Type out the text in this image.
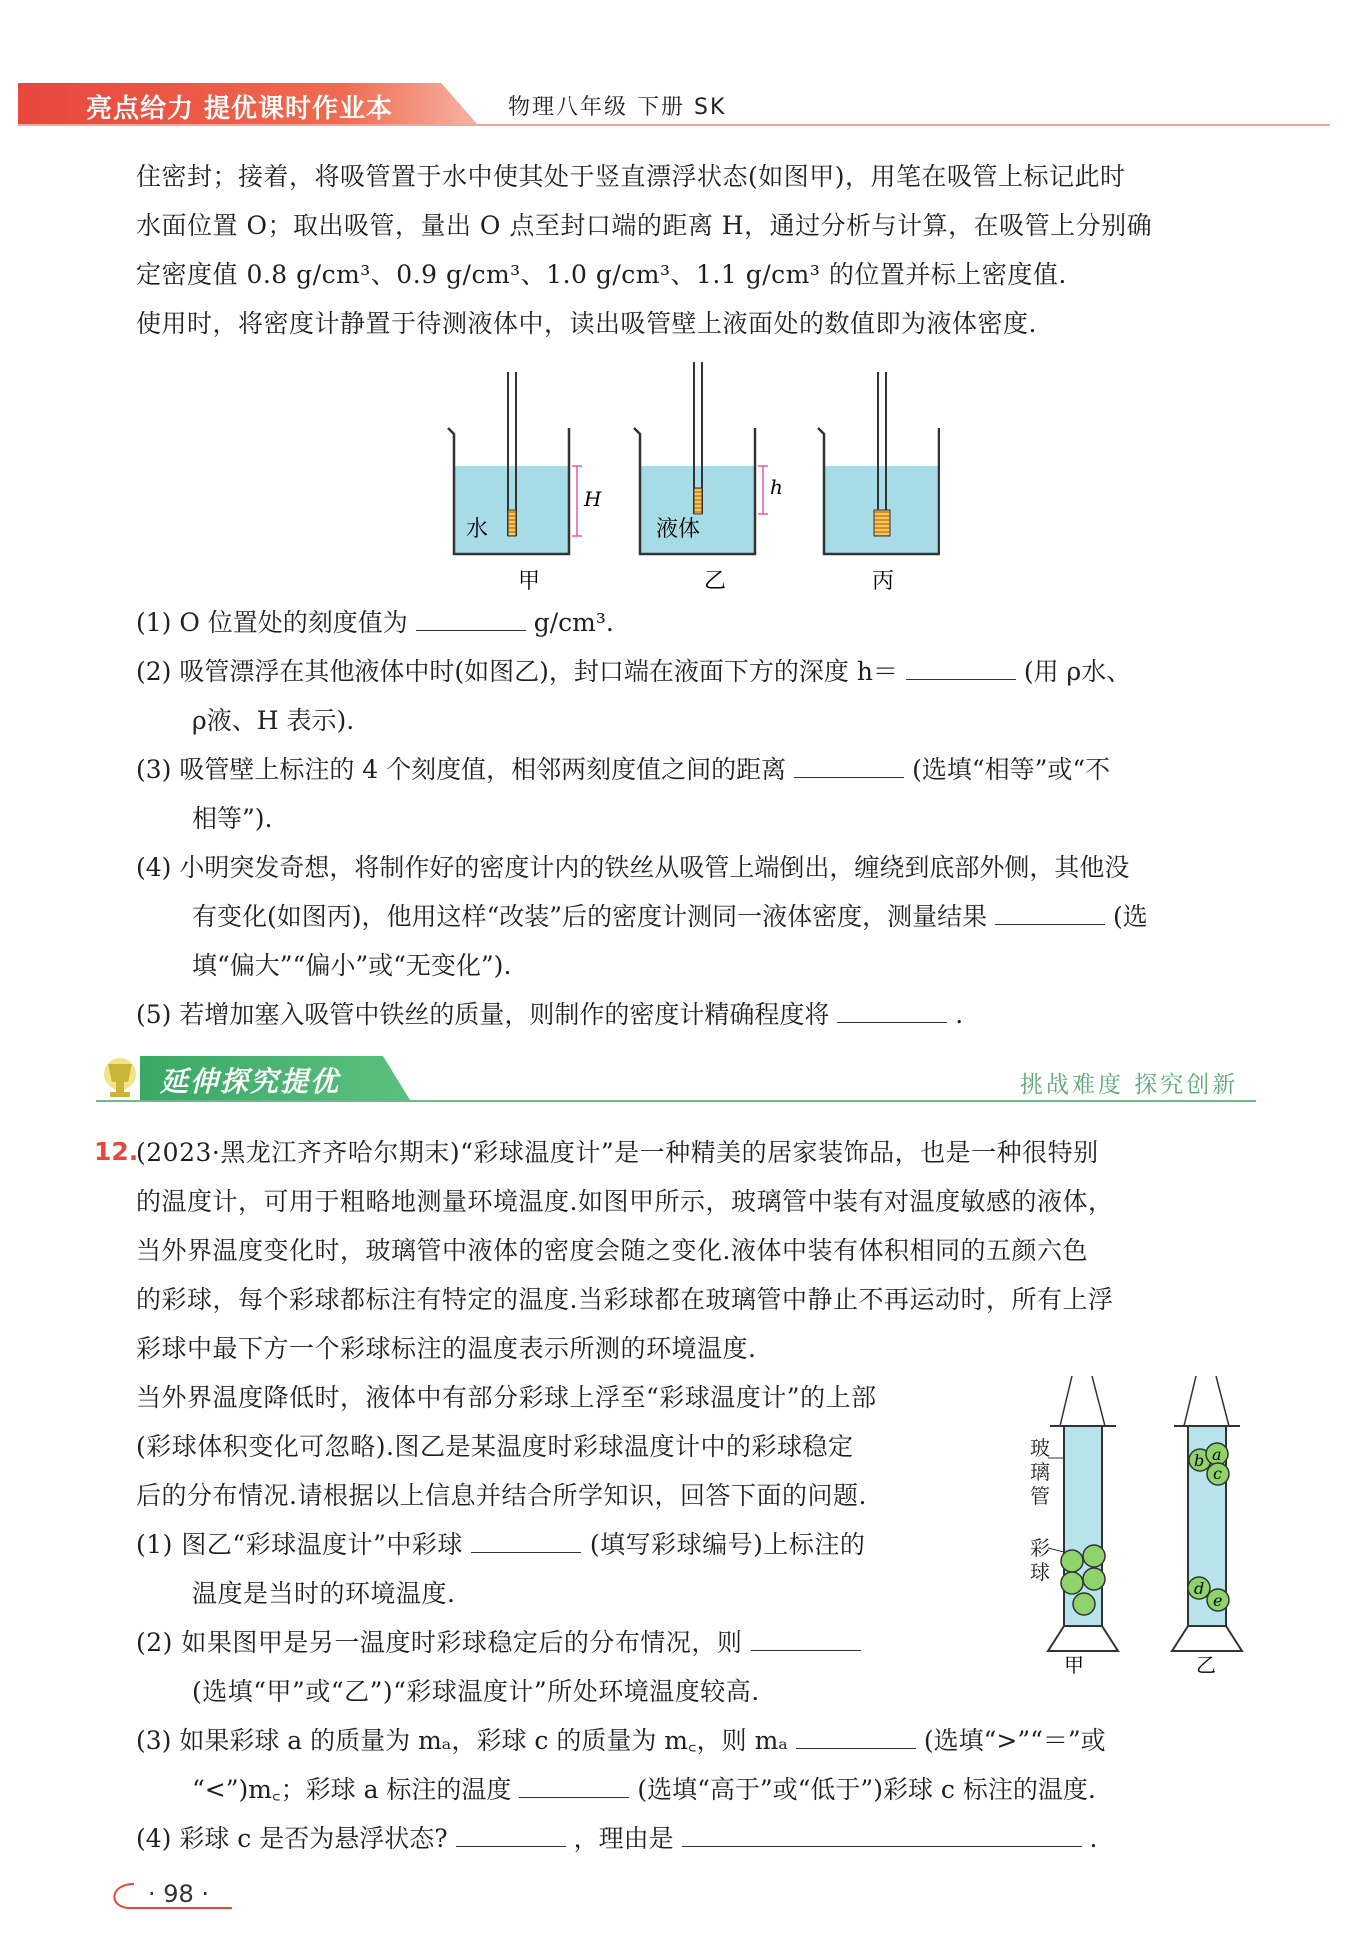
亮点给力 提优课时作业本	物理八年级 下册 SK
住密封；接着，将吸管置于水中使其处于竖直漂浮状态(如图甲)，用笔在吸管上标记此时
水面位置 O；取出吸管，量出 O 点至封口端的距离 H，通过分析与计算，在吸管上分别确
定密度值 0.8 g/cm³、0.9 g/cm³、1.0 g/cm³、1.1 g/cm³ 的位置并标上密度值.
使用时，将密度计静置于待测液体中，读出吸管壁上液面处的数值即为液体密度.
水
H
液体
h
甲	乙	丙
(1) O 位置处的刻度值为	g/cm³.
(2) 吸管漂浮在其他液体中时(如图乙)，封口端在液面下方的深度 h＝	(用 ρ水、
ρ液、H 表示).
(3) 吸管壁上标注的 4 个刻度值，相邻两刻度值之间的距离	(选填“相等”或“不
相等”).
(4) 小明突发奇想，将制作好的密度计内的铁丝从吸管上端倒出，缠绕到底部外侧，其他没
有变化(如图丙)，他用这样“改装”后的密度计测同一液体密度，测量结果	(选
填“偏大”“偏小”或“无变化”).
(5) 若增加塞入吸管中铁丝的质量，则制作的密度计精确程度将	.
延伸探究提优	挑战难度 探究创新
12.
(2023·黑龙江齐齐哈尔期末)“彩球温度计”是一种精美的居家装饰品，也是一种很特别
的温度计，可用于粗略地测量环境温度.如图甲所示，玻璃管中装有对温度敏感的液体，
当外界温度变化时，玻璃管中液体的密度会随之变化.液体中装有体积相同的五颜六色
的彩球，每个彩球都标注有特定的温度.当彩球都在玻璃管中静止不再运动时，所有上浮
彩球中最下方一个彩球标注的温度表示所测的环境温度.
当外界温度降低时，液体中有部分彩球上浮至“彩球温度计”的上部
(彩球体积变化可忽略).图乙是某温度时彩球温度计中的彩球稳定
后的分布情况.请根据以上信息并结合所学知识，回答下面的问题.
(1) 图乙“彩球温度计”中彩球	(填写彩球编号)上标注的
温度是当时的环境温度.
(2) 如果图甲是另一温度时彩球稳定后的分布情况，则
(选填“甲”或“乙”)“彩球温度计”所处环境温度较高.
(3) 如果彩球 a 的质量为 mₐ，彩球 c 的质量为 m꜀，则 mₐ	(选填“>”“＝”或
“<”)m꜀；彩球 a 标注的温度	(选填“高于”或“低于”)彩球 c 标注的温度.
(4) 彩球 c 是否为悬浮状态?	，理由是	.
a
b
c
d
e
甲	乙
玻璃管
彩球
· 98 ·
